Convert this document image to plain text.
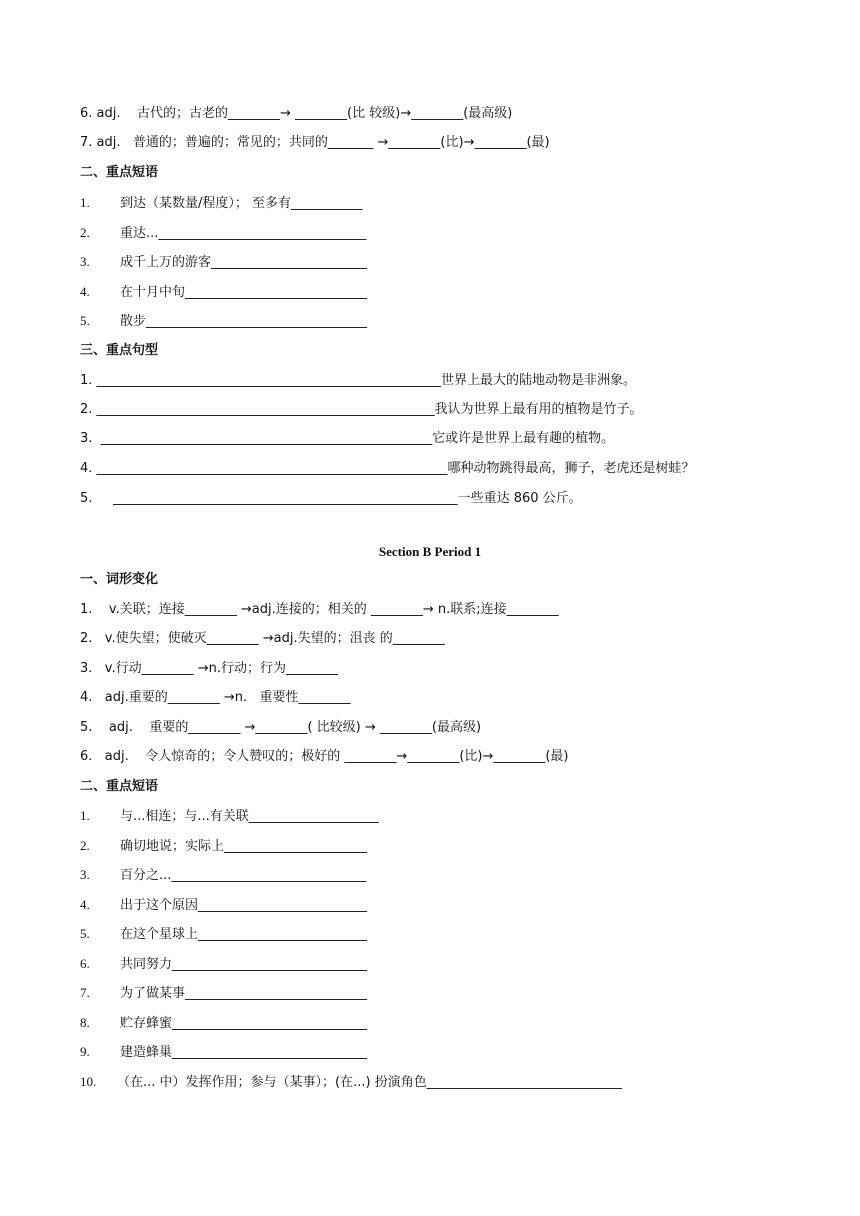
6. adj.    古代的；古老的________→ ________(比 较级)→________(最高级)
7. adj.   普通的；普遍的；常见的；共同的_______ →________(比)→________(最)
二、重点短语
1. 到达（某数量/程度）； 至多有___________
2. 重达...________________________________
3. 成千上万的游客________________________
4. 在十月中旬____________________________
5. 散步__________________________________
三、重点句型
1. _____________________________________________________世界上最大的陆地动物是非洲象。
2. ____________________________________________________我认为世界上最有用的植物是竹子。
3.  ___________________________________________________它或许是世界上最有趣的植物。
4. ______________________________________________________哪种动物跳得最高，狮子，老虎还是树蛙？
5.     _____________________________________________________一些重达 860 公斤。
Section B Period 1
一、词形变化
1.    v.关联；连接________ →adj.连接的；相关的 ________→ n.联系;连接________
2.   v.使失望；使破灭________ →adj.失望的；沮丧 的________
3.   v.行动________ →n.行动；行为________
4.   adj.重要的________ →n.   重要性________
5.    adj.    重要的________ →________( 比较级) → ________(最高级)
6.   adj.    令人惊奇的；令人赞叹的；极好的 ________→________(比)→________(最)
二、重点短语
1. 与...相连；与...有关联____________________
2. 确切地说；实际上______________________
3. 百分之...______________________________
4. 出于这个原因__________________________
5. 在这个星球上__________________________
6. 共同努力______________________________
7. 为了做某事____________________________
8. 贮存蜂蜜______________________________
9. 建造蜂巢______________________________
10. （在... 中）发挥作用；参与（某事）；(在...) 扮演角色______________________________
